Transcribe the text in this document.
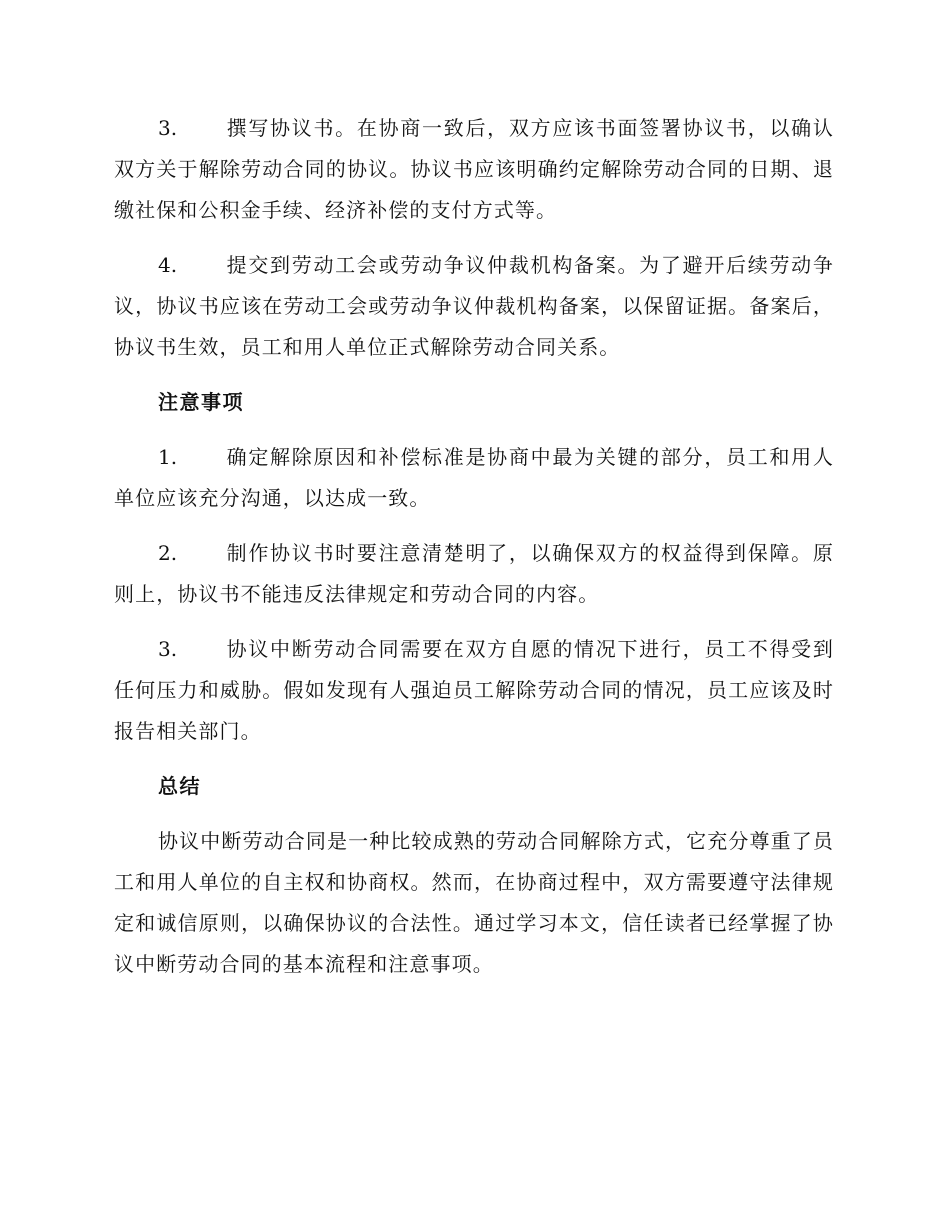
3. 撰写协议书。在协商一致后，双方应该书面签署协议书，以确认双方关于解除劳动合同的协议。协议书应该明确约定解除劳动合同的日期、退缴社保和公积金手续、经济补偿的支付方式等。

4. 提交到劳动工会或劳动争议仲裁机构备案。为了避开后续劳动争议，协议书应该在劳动工会或劳动争议仲裁机构备案，以保留证据。备案后，协议书生效，员工和用人单位正式解除劳动合同关系。

注意事项

1. 确定解除原因和补偿标准是协商中最为关键的部分，员工和用人单位应该充分沟通，以达成一致。

2. 制作协议书时要注意清楚明了，以确保双方的权益得到保障。原则上，协议书不能违反法律规定和劳动合同的内容。

3. 协议中断劳动合同需要在双方自愿的情况下进行，员工不得受到任何压力和威胁。假如发现有人强迫员工解除劳动合同的情况，员工应该及时报告相关部门。

总结

协议中断劳动合同是一种比较成熟的劳动合同解除方式，它充分尊重了员工和用人单位的自主权和协商权。然而，在协商过程中，双方需要遵守法律规定和诚信原则，以确保协议的合法性。通过学习本文，信任读者已经掌握了协议中断劳动合同的基本流程和注意事项。
